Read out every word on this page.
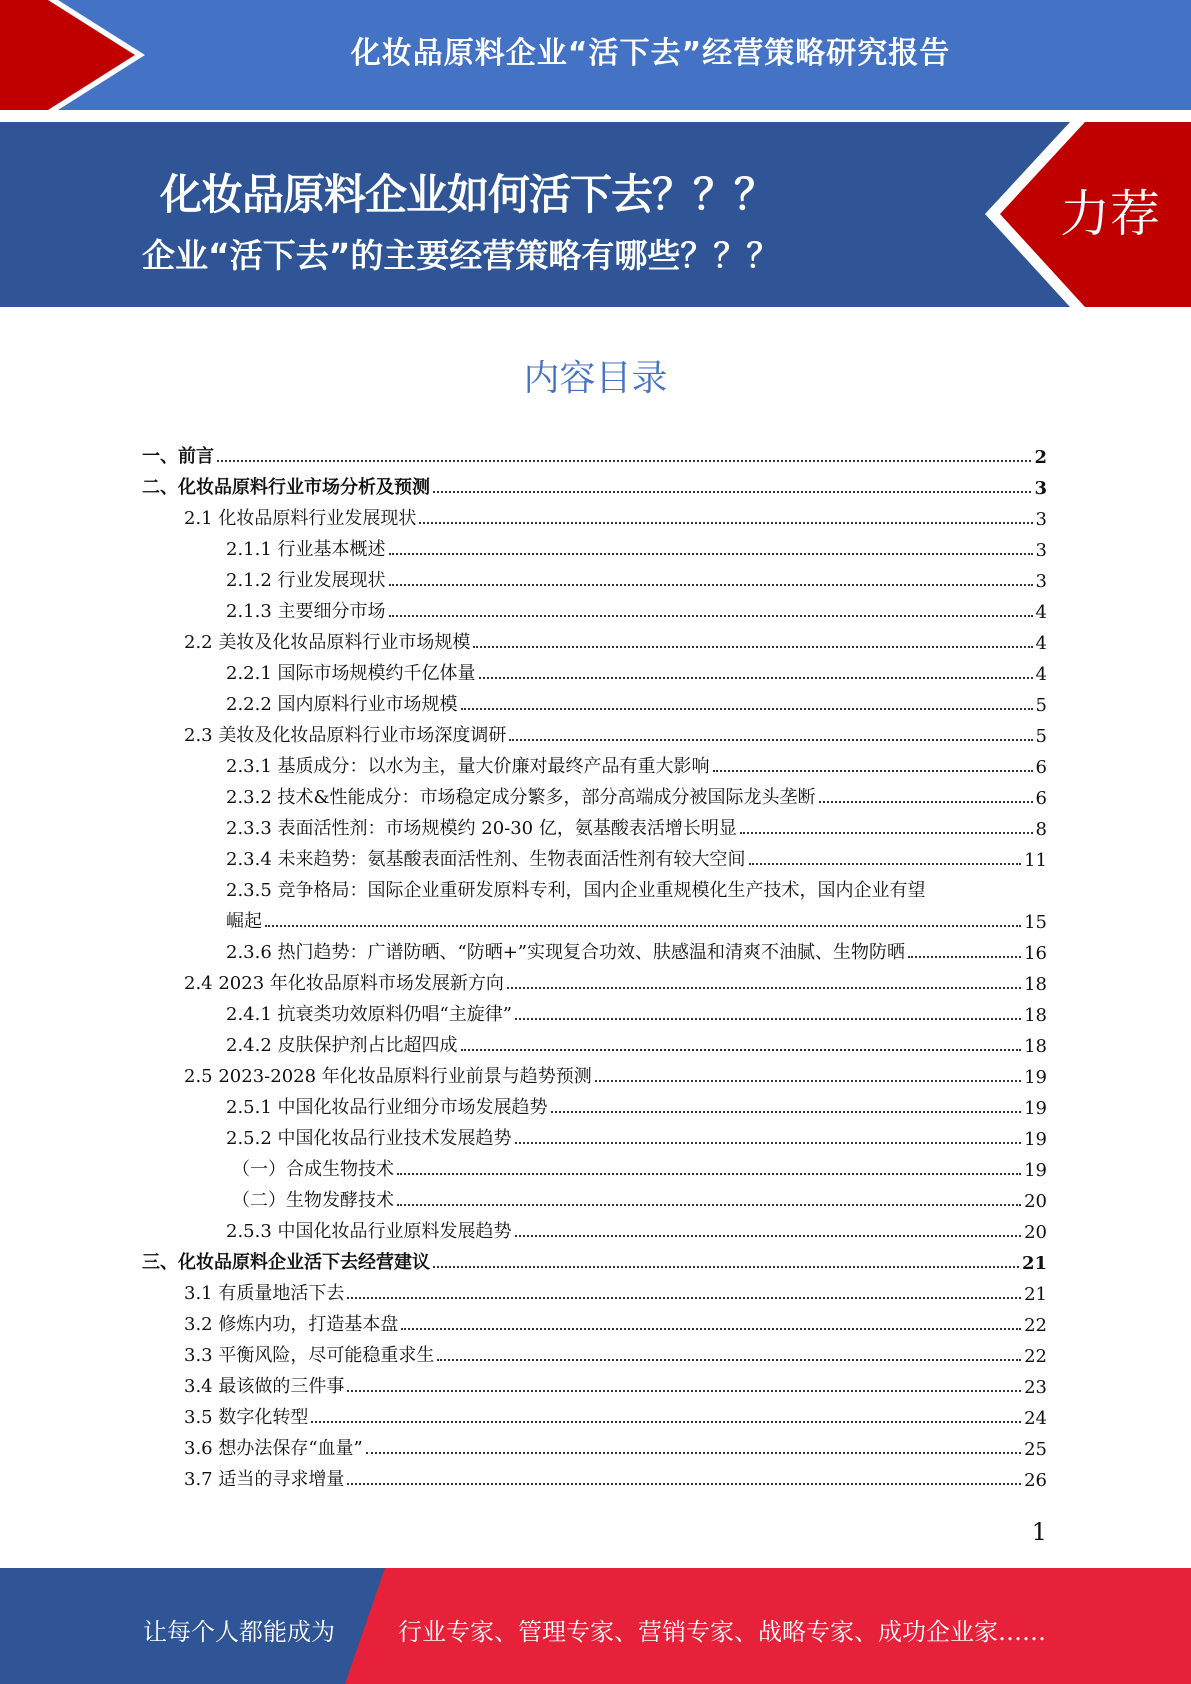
化妆品原料企业“活下去”经营策略研究报告
化妆品原料企业如何活下去？？？
企业“活下去”的主要经营策略有哪些？？？
力荐
内容目录
一、前言	2
二、化妆品原料行业市场分析及预测	3
2.1 化妆品原料行业发展现状	3
2.1.1 行业基本概述	3
2.1.2 行业发展现状	3
2.1.3 主要细分市场	4
2.2 美妆及化妆品原料行业市场规模	4
2.2.1 国际市场规模约千亿体量	4
2.2.2 国内原料行业市场规模	5
2.3 美妆及化妆品原料行业市场深度调研	5
2.3.1 基质成分：以水为主，量大价廉对最终产品有重大影响	6
2.3.2 技术&性能成分：市场稳定成分繁多，部分高端成分被国际龙头垄断	6
2.3.3 表面活性剂：市场规模约 20-30 亿，氨基酸表活增长明显	8
2.3.4 未来趋势：氨基酸表面活性剂、生物表面活性剂有较大空间	11
2.3.5 竞争格局：国际企业重研发原料专利，国内企业重规模化生产技术，国内企业有望
崛起	15
2.3.6 热门趋势：广谱防晒、“防晒+”实现复合功效、肤感温和清爽不油腻、生物防晒	16
2.4 2023 年化妆品原料市场发展新方向	18
2.4.1 抗衰类功效原料仍唱“主旋律”	18
2.4.2 皮肤保护剂占比超四成	18
2.5 2023-2028 年化妆品原料行业前景与趋势预测	19
2.5.1 中国化妆品行业细分市场发展趋势	19
2.5.2 中国化妆品行业技术发展趋势	19
（一）合成生物技术	19
（二）生物发酵技术	20
2.5.3 中国化妆品行业原料发展趋势	20
三、化妆品原料企业活下去经营建议	21
3.1 有质量地活下去	21
3.2 修炼内功，打造基本盘	22
3.3 平衡风险，尽可能稳重求生	22
3.4 最该做的三件事	23
3.5 数字化转型	24
3.6 想办法保存“血量”	25
3.7 适当的寻求增量	26
1
让每个人都能成为	行业专家、管理专家、营销专家、战略专家、成功企业家……
